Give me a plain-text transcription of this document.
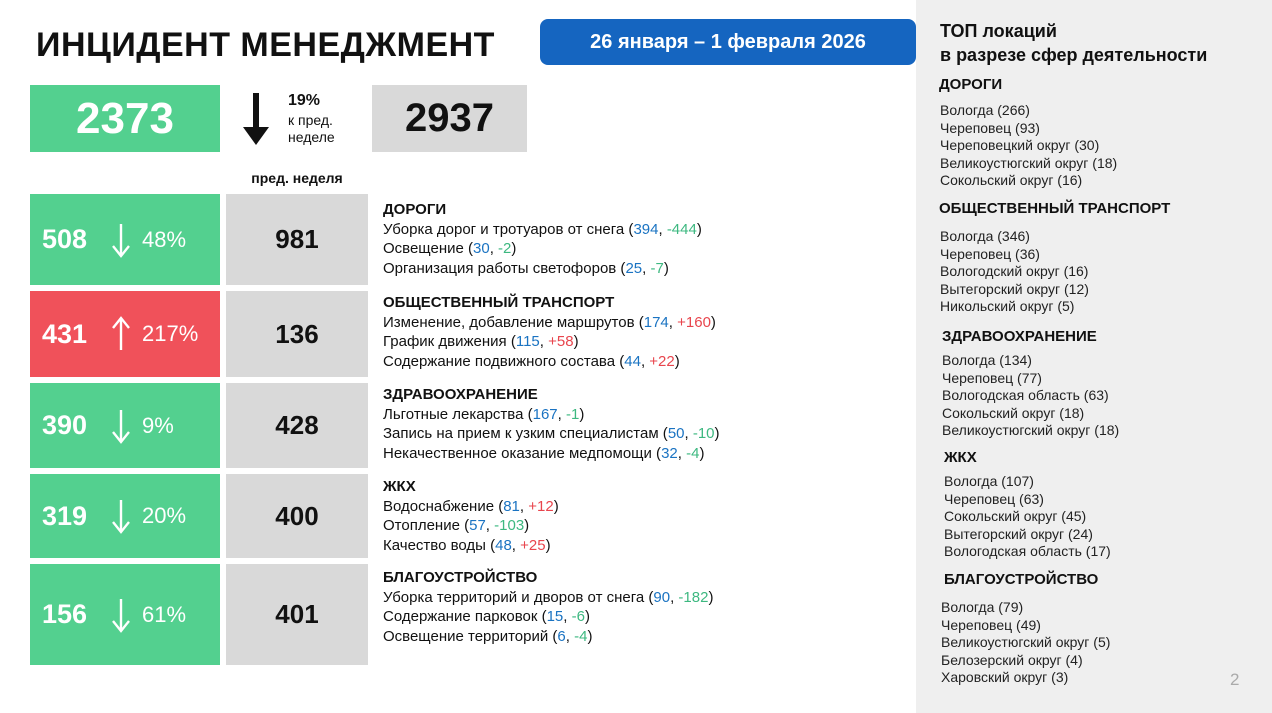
ИНЦИДЕНТ МЕНЕДЖМЕНТ	26 января – 1 февраля 2026
2373	19%
к пред. неделе	2937
пред. неделя
508 48%	981
ДОРОГИ
Уборка дорог и тротуаров от снега (394, -444)
Освещение (30, -2)
Организация работы светофоров (25, -7)
431 217%	136
ОБЩЕСТВЕННЫЙ ТРАНСПОРТ
Изменение, добавление маршрутов (174, +160)
График движения (115, +58)
Содержание подвижного состава (44, +22)
390 9%	428
ЗДРАВООХРАНЕНИЕ
Льготные лекарства (167, -1)
Запись на прием к узким специалистам (50, -10)
Некачественное оказание медпомощи (32, -4)
319 20%	400
ЖКХ
Водоснабжение (81, +12)
Отопление (57, -103)
Качество воды (48, +25)
156 61%	401
БЛАГОУСТРОЙСТВО
Уборка территорий и дворов от снега (90, -182)
Содержание парковок (15, -6)
Освещение территорий (6, -4)
ТОП локаций
в разрезе сфер деятельности
ДОРОГИ
Вологда (266)
Череповец (93)
Череповецкий округ (30)
Великоустюгский округ (18)
Сокольский округ (16)
ОБЩЕСТВЕННЫЙ ТРАНСПОРТ
Вологда (346)
Череповец (36)
Вологодский округ (16)
Вытегорский округ (12)
Никольский округ (5)
ЗДРАВООХРАНЕНИЕ
Вологда (134)
Череповец (77)
Вологодская область (63)
Сокольский округ (18)
Великоустюгский округ (18)
ЖКХ
Вологда (107)
Череповец (63)
Сокольский округ (45)
Вытегорский округ (24)
Вологодская область (17)
БЛАГОУСТРОЙСТВО
Вологда (79)
Череповец (49)
Великоустюгский округ (5)
Белозерский округ (4)
Харовский округ (3)	2
